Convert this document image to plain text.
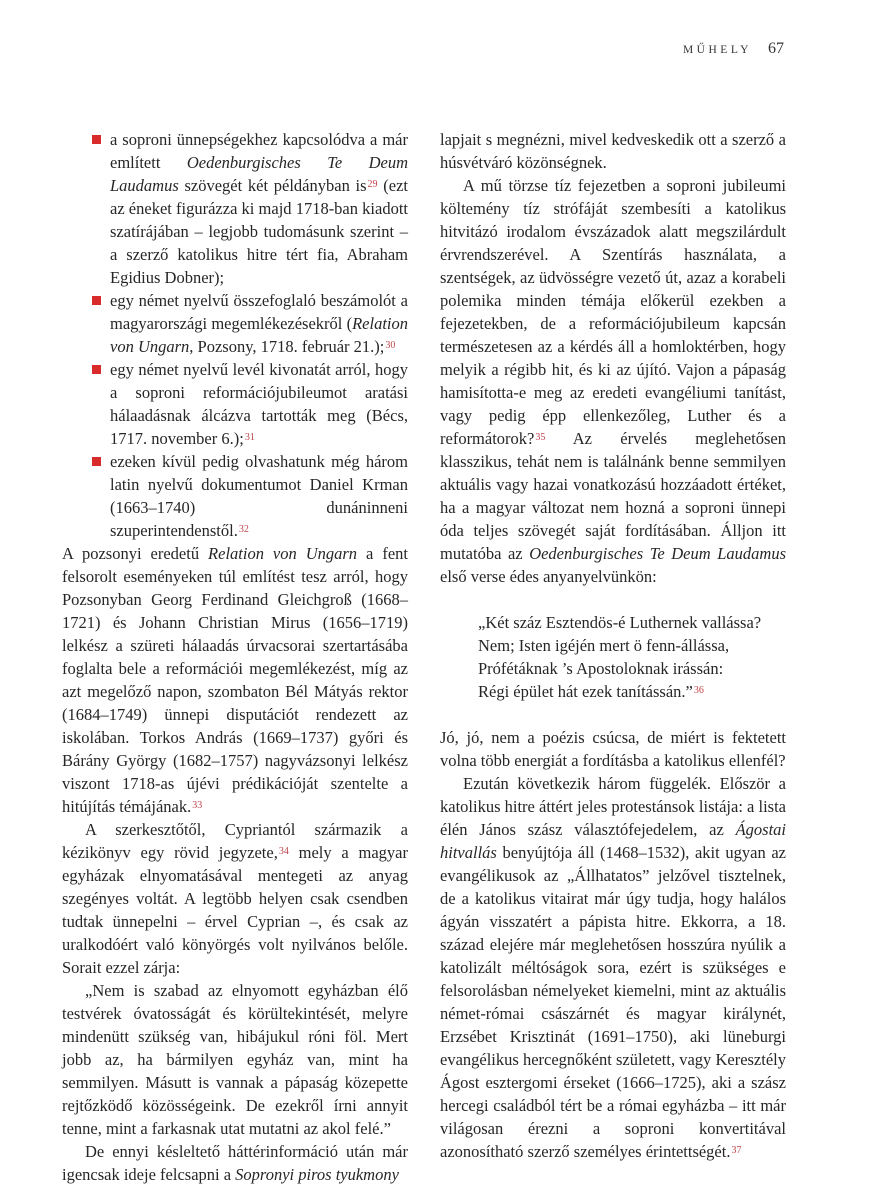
MŰHELY 67
a soproni ünnepségekhez kapcsolódva a már említett Oedenburgisches Te Deum Laudamus szövegét két példányban is$^{29}$ (ezt az éneket figurázza ki majd 1718-ban kiadott szatírájában – legjobb tudomásunk szerint – a szerző katolikus hitre tért fia, Abraham Egidius Dobner);
egy német nyelvű összefoglaló beszámolót a magyarországi megemlékezésekről (Relation von Ungarn, Pozsony, 1718. február 21.);$^{30}$
egy német nyelvű levél kivonatát arról, hogy a soproni reformációjubileumot aratási hálaadásnak álcázva tartották meg (Bécs, 1717. november 6.);$^{31}$
ezeken kívül pedig olvashatunk még három latin nyelvű dokumentumot Daniel Krman (1663–1740) dunáninneni szuperintendenstől.$^{32}$

A pozsonyi eredetű Relation von Ungarn a fent felsorolt eseményeken túl említést tesz arról, hogy Pozsonyban Georg Ferdinand Gleichgroß (1668–1721) és Johann Christian Mirus (1656–1719) lelkész a szüreti hálaadás úrvacsorai szertartásába foglalta bele a reformációi megemlékezést, míg az azt megelőző napon, szombaton Bél Mátyás rektor (1684–1749) ünnepi disputációt rendezett az iskolában. Torkos András (1669–1737) győri és Bárány György (1682–1757) nagyvázsonyi lelkész viszont 1718-as újévi prédikációját szentelte a hitújítás témájának.$^{33}$

A szerkesztőtől, Cypriantól származik a kézikönyv egy rövid jegyzete,$^{34}$ mely a magyar egyházak elnyomatásával mentegeti az anyag szegényes voltát. A legtöbb helyen csak csendben tudtak ünnepelni – érvel Cyprian –, és csak az uralkodóért való könyörgés volt nyilvános belőle. Sorait ezzel zárja:

„Nem is szabad az elnyomott egyházban élő testvérek óvatosságát és körültekintését, melyre mindenütt szükség van, hibájukul róni föl. Mert jobb az, ha bármilyen egyház van, mint ha semmilyen. Másutt is vannak a pápaság közepette rejtőzködő közösségeink. De ezekről írni annyit tenne, mint a farkasnak utat mutatni az akol felé.”

De ennyi késleltető háttérinformáció után már igencsak ideje felcsapni a Sopronyi piros tyukmony

lapjait s megnézni, mivel kedveskedik ott a szerző a húsvétváró közönségnek.

A mű törzse tíz fejezetben a soproni jubileumi költemény tíz strófáját szembesíti a katolikus hitvitázó irodalom évszázadok alatt megszilárdult érvrendszerével. A Szentírás használata, a szentségek, az üdvösségre vezető út, azaz a korabeli polemika minden témája előkerül ezekben a fejezetekben, de a reformációjubileum kapcsán természetesen az a kérdés áll a homloktérben, hogy melyik a régibb hit, és ki az újító. Vajon a pápaság hamisította-e meg az eredeti evangéliumi tanítást, vagy pedig épp ellenkezőleg, Luther és a reformátorok?$^{35}$ Az érvelés meglehetősen klasszikus, tehát nem is találnánk benne semmilyen aktuális vagy hazai vonatkozású hozzáadott értéket, ha a magyar változat nem hozná a soproni ünnepi óda teljes szövegét saját fordításában. Álljon itt mutatóba az Oedenburgisches Te Deum Laudamus első verse édes anyanyelvünkön:

„Két száz Esztendös-é Luthernek vallássa?

Nem; Isten igéjén mert ö fenn-állássa,

Prófétáknak ’s Apostoloknak irássán:

Régi épület hát ezek tanítássán.”$^{36}$

Jó, jó, nem a poézis csúcsa, de miért is fektetett volna több energiát a fordításba a katolikus ellenfél?

Ezután következik három függelék. Először a katolikus hitre áttért jeles protestánsok listája: a lista élén János szász választófejedelem, az Ágostai hitvallás benyújtója áll (1468–1532), akit ugyan az evangélikusok az „Állhatatos” jelzővel tisztelnek, de a katolikus vitairat már úgy tudja, hogy halálos ágyán visszatért a pápista hitre. Ekkorra, a 18. század elejére már meglehetősen hosszúra nyúlik a katolizált méltóságok sora, ezért is szükséges e felsorolásban némelyeket kiemelni, mint az aktuális német-római császárnét és magyar királynét, Erzsébet Krisztinát (1691–1750), aki lüneburgi evangélikus hercegnőként született, vagy Keresztély Ágost esztergomi érseket (1666–1725), aki a szász hercegi családból tért be a római egyházba – itt már világosan érezni a soproni konvertitával azonosítható szerző személyes érintettségét.$^{37}$
